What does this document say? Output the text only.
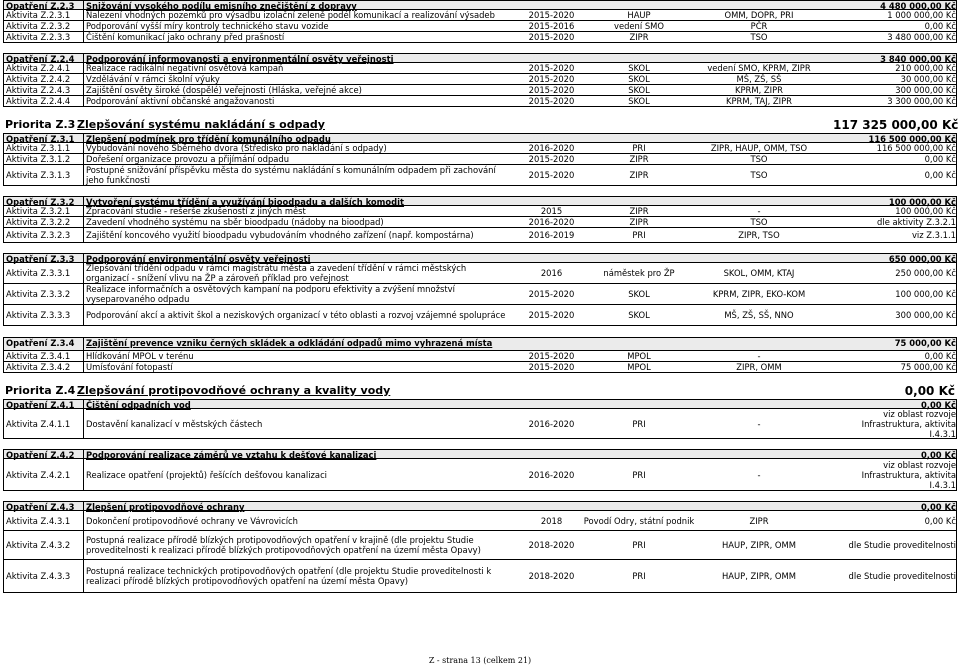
Opatření Z.2.3	Snižování vysokého podílu emisního znečištění z dopravy	4 480 000,00 Kč
Aktivita Z.2.3.1	Nalezení vhodných pozemků pro výsadbu izolační zeleně podél komunikací a realizování výsadeb	2015-2020	HAUP	OMM, DOPR, PRI	1 000 000,00 Kč
Aktivita Z.2.3.2	Podporování vyšší míry kontroly technického stavu vozide	2015-2016	vedení SMO	PČR	0,00 Kč
Aktivita Z.2.3.3	Čištění komunikací jako ochrany před prašností	2015-2020	ZIPR	TSO	3 480 000,00 Kč
Opatření Z.2.4	Podporování informovanosti a environmentální osvěty veřejnosti	3 840 000,00 Kč
Aktivita Z.2.4.1	Realizace radikální negativní osvětová kampaň	2015-2020	SKOL	vedení SMO, KPRM, ZIPR	210 000,00 Kč
Aktivita Z.2.4.2	Vzdělávání v rámci školní výuky	2015-2020	SKOL	MŠ, ZŠ, SŠ	30 000,00 Kč
Aktivita Z.2.4.3	Zajištění osvěty široké (dospělé) veřejnosti (Hláska, veřejné akce)	2015-2020	SKOL	KPRM, ZIPR	300 000,00 Kč
Aktivita Z.2.4.4	Podporování aktivní občanské angažovanosti	2015-2020	SKOL	KPRM, TAJ, ZIPR	3 300 000,00 Kč
Priorita Z.3 Zlepšování systému nakládání s odpady	117 325 000,00 Kč
Opatření Z.3.1	Zlepšení podmínek pro třídění komunálního odpadu	116 500 000,00 Kč
Aktivita Z.3.1.1	Vybudování nového Sběrného dvora (Středisko pro nakládání s odpady)	2016-2020	PRI	ZIPR, HAUP, OMM, TSO	116 500 000,00 Kč
Aktivita Z.3.1.2	Dořešení organizace provozu a přijímání odpadu	2015-2020	ZIPR	TSO	0,00 Kč
Aktivita Z.3.1.3	Postupné snižování příspěvku města do systému nakládání s komunálním odpadem při zachování jeho funkčnosti	2015-2020	ZIPR	TSO	0,00 Kč
Opatření Z.3.2	Vytvoření systému třídění a využívání bioodpadu a dalších komodit	100 000,00 Kč
Aktivita Z.3.2.1	Zpracování studie - rešerše zkušeností z jiných měst	2015	ZIPR	-	100 000,00 Kč
Aktivita Z.3.2.2	Zavedení vhodného systému na sběr bioodpadu (nádoby na bioodpad)	2016-2020	ZIPR	TSO	dle aktivity Z.3.2.1
Aktivita Z.3.2.3	Zajištění koncového využití bioodpadu vybudováním vhodného zařízení (např. kompostárna)	2016-2019	PRI	ZIPR, TSO	viz Z.3.1.1
Opatření Z.3.3	Podporování environmentální osvěty veřejnosti	650 000,00 Kč
Aktivita Z.3.3.1	Zlepšování třídění odpadu v rámci magistrátu města a zavedení třídění v rámci městských organizací - snížení vlivu na ŽP a zároveň příklad pro veřejnost	2016	náměstek pro ŽP	SKOL, OMM, KTAJ	250 000,00 Kč
Aktivita Z.3.3.2	Realizace informačních a osvětových kampaní na podporu efektivity a zvýšení množství vyseparovaného odpadu	2015-2020	SKOL	KPRM, ZIPR, EKO-KOM	100 000,00 Kč
Aktivita Z.3.3.3	Podporování akcí a aktivit škol a neziskových organizací v této oblasti a rozvoj vzájemné spolupráce	2015-2020	SKOL	MŠ, ZŠ, SŠ, NNO	300 000,00 Kč
Opatření Z.3.4	Zajištění prevence vzniku černých skládek a odkládání odpadů mimo vyhrazená místa	75 000,00 Kč
Aktivita Z.3.4.1	Hlídkování MPOL v terénu	2015-2020	MPOL	-	0,00 Kč
Aktivita Z.3.4.2	Umísťování fotopastí	2015-2020	MPOL	ZIPR, OMM	75 000,00 Kč
Priorita Z.4 Zlepšování protipovodňové ochrany a kvality vody	0,00 Kč
Opatření Z.4.1	Čištění odpadních vod	0,00 Kč
Aktivita Z.4.1.1	Dostavění kanalizací v městských částech	2016-2020	PRI	-
viz oblast rozvoje
Infrastruktura, aktivita I.4.3.1
Opatření Z.4.2	Podporování realizace záměrů ve vztahu k dešťové kanalizaci	0,00 Kč
Aktivita Z.4.2.1	Realizace opatření (projektů) řešících dešťovou kanalizaci	2016-2020	PRI	-
viz oblast rozvoje
Infrastruktura, aktivita I.4.3.1
Opatření Z.4.3	Zlepšení protipovodňové ochrany	0,00 Kč
Aktivita Z.4.3.1	Dokončení protipovodňové ochrany ve Vávrovicích	2018	Povodí Odry, státní podnik	ZIPR	0,00 Kč
Aktivita Z.4.3.2	Postupná realizace přírodě blízkých protipovodňových opatření v krajině (dle projektu Studie proveditelnosti k realizaci přírodě blízkých protipovodňových opatření na území města Opavy)	2018-2020	PRI	HAUP, ZIPR, OMM	dle Studie proveditelnosti
Aktivita Z.4.3.3	Postupná realizace technických protipovodňových opatření (dle projektu Studie proveditelnosti k realizaci přírodě blízkých protipovodňových opatření na území města Opavy)	2018-2020	PRI	HAUP, ZIPR, OMM	dle Studie proveditelnosti
Z - strana 13 (celkem 21)
